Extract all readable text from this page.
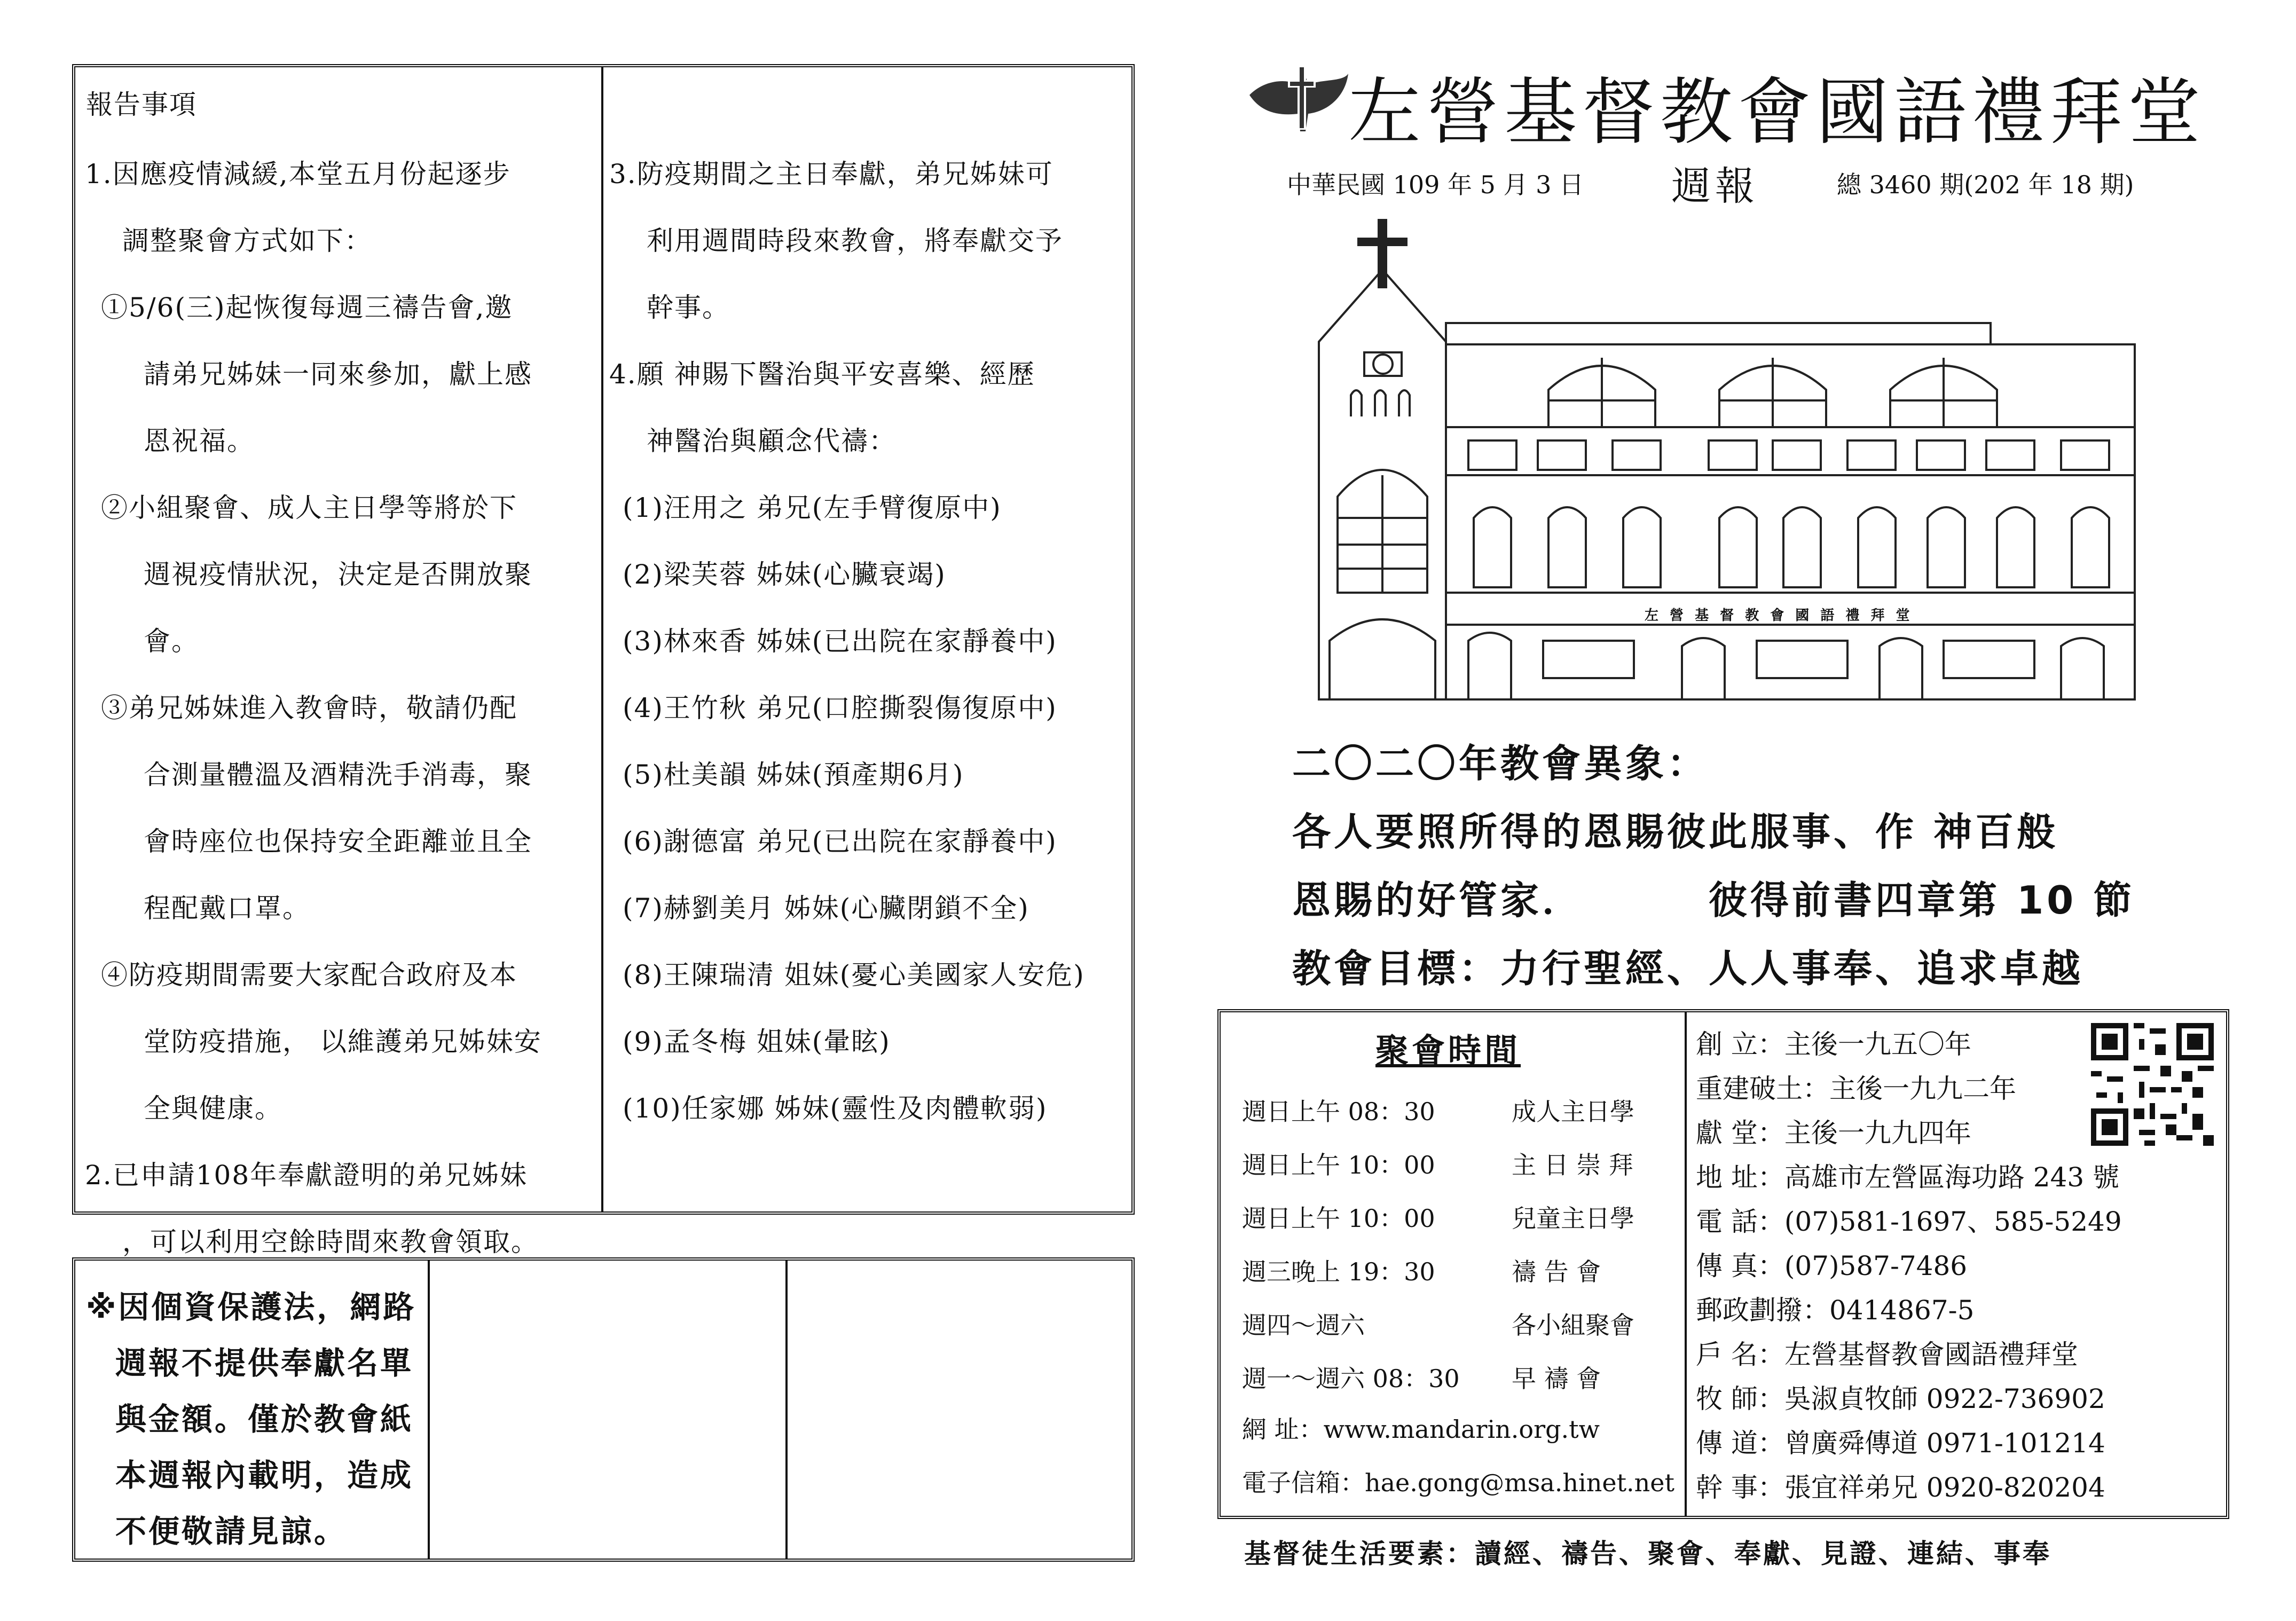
報告事項
1.因應疫情減緩,本堂五月份起逐步
調整聚會方式如下：
①5/6(三)起恢復每週三禱告會,邀
請弟兄姊妹一同來參加，獻上感
恩祝福。
②小組聚會、成人主日學等將於下
週視疫情狀況，決定是否開放聚
會。
③弟兄姊妹進入教會時，敬請仍配
合測量體溫及酒精洗手消毒，聚
會時座位也保持安全距離並且全
程配戴口罩。
④防疫期間需要大家配合政府及本
堂防疫措施， 以維護弟兄姊妹安
全與健康。
2.已申請108年奉獻證明的弟兄姊妹
，可以利用空餘時間來教會領取。
3.防疫期間之主日奉獻，弟兄姊妹可
利用週間時段來教會，將奉獻交予
幹事。
4.願 神賜下醫治與平安喜樂、經歷
神醫治與顧念代禱：
(1)汪用之 弟兄(左手臂復原中)
(2)梁芙蓉 姊妹(心臟衰竭)
(3)林來香 姊妹(已出院在家靜養中)
(4)王竹秋 弟兄(口腔撕裂傷復原中)
(5)杜美韻 姊妹(預產期6月)
(6)謝德富 弟兄(已出院在家靜養中)
(7)赫劉美月 姊妹(心臟閉鎖不全)
(8)王陳瑞清 姐妹(憂心美國家人安危)
(9)孟冬梅 姐妹(暈眩)
(10)任家娜 姊妹(靈性及肉體軟弱)
※因個資保護法，網路
週報不提供奉獻名單
與金額。僅於教會紙
本週報內載明，造成
不便敬請見諒。
左營基督教會國語禮拜堂
中華民國 109 年 5 月 3 日 週報	總 3460 期(202 年 18 期)
左 營 基 督 教 會 國 語 禮 拜 堂
二〇二〇年教會異象：
各人要照所得的恩賜彼此服事、作 神百般
恩賜的好管家．	彼得前書四章第 10 節
教會目標：力行聖經、人人事奉、追求卓越
聚會時間
週日上午 08：30	成人主日學
週日上午 10：00	主 日 崇 拜
週日上午 10：00	兒童主日學
週三晚上 19：30	禱 告 會
週四～週六	各小組聚會
週一～週六 08：30 早 禱 會
網 址：www.mandarin.org.tw
電子信箱：hae.gong@msa.hinet.net
創 立：主後一九五〇年
重建破土：主後一九九二年
獻 堂：主後一九九四年
地 址：高雄市左營區海功路 243 號
電 話：(07)581-1697、585-5249
傳 真：(07)587-7486
郵政劃撥：0414867-5
戶 名：左營基督教會國語禮拜堂
牧 師：吳淑貞牧師 0922-736902
傳 道：曾廣舜傳道 0971-101214
幹 事：張宜祥弟兄 0920-820204
基督徒生活要素：讀經、禱告、聚會、奉獻、見證、連結、事奉
